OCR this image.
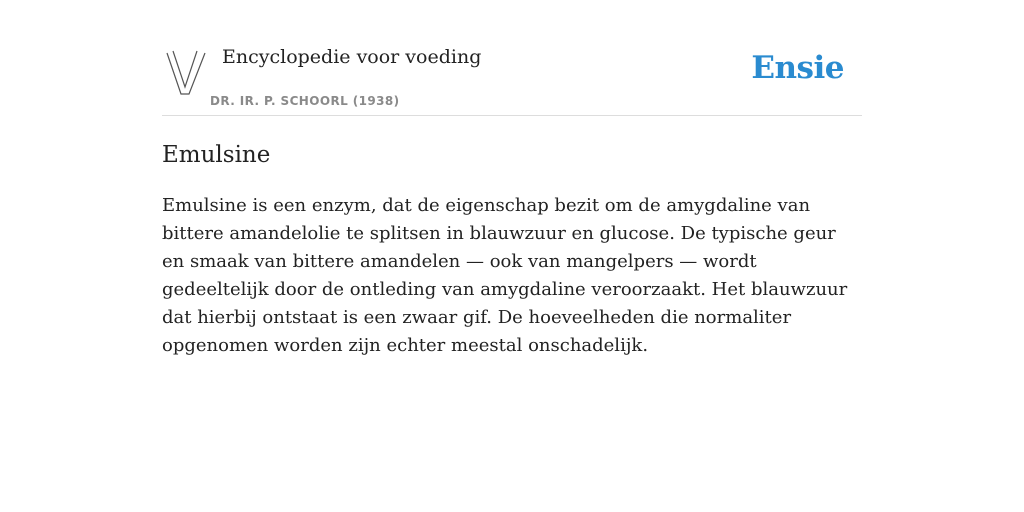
Encyclopedie voor voeding
DR. IR. P. SCHOORL (1938)
Ensie
Emulsine

Emulsine is een enzym, dat de eigenschap bezit om de amygdaline van bittere amandelolie te splitsen in blauwzuur en glucose. De typische geur en smaak van bittere amandelen — ook van mangelpers — wordt gedeeltelijk door de ontleding van amygdaline veroorzaakt. Het blauwzuur dat hierbij ontstaat is een zwaar gif. De hoeveelheden die normaliter opgenomen worden zijn echter meestal onschadelijk.
